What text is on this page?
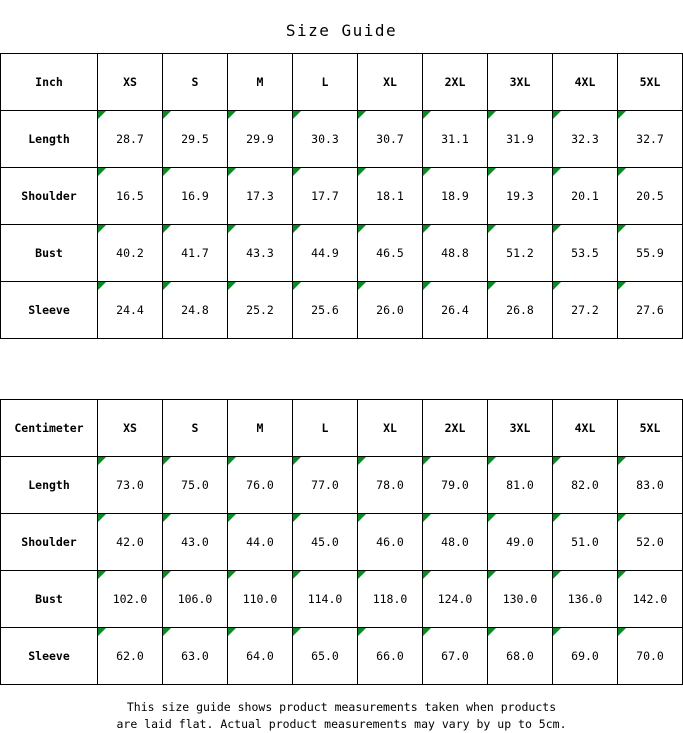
Size Guide
Inch	XS	S	M	L	XL	2XL	3XL	4XL	5XL
Length	28.7	29.5	29.9	30.3	30.7	31.1	31.9	32.3	32.7
Shoulder	16.5	16.9	17.3	17.7	18.1	18.9	19.3	20.1	20.5
Bust	40.2	41.7	43.3	44.9	46.5	48.8	51.2	53.5	55.9
Sleeve	24.4	24.8	25.2	25.6	26.0	26.4	26.8	27.2	27.6
Centimeter	XS	S	M	L	XL	2XL	3XL	4XL	5XL
Length	73.0	75.0	76.0	77.0	78.0	79.0	81.0	82.0	83.0
Shoulder	42.0	43.0	44.0	45.0	46.0	48.0	49.0	51.0	52.0
Bust	102.0	106.0	110.0	114.0	118.0	124.0	130.0	136.0	142.0
Sleeve	62.0	63.0	64.0	65.0	66.0	67.0	68.0	69.0	70.0
This size guide shows product measurements taken when products
are laid flat. Actual product measurements may vary by up to 5cm.
